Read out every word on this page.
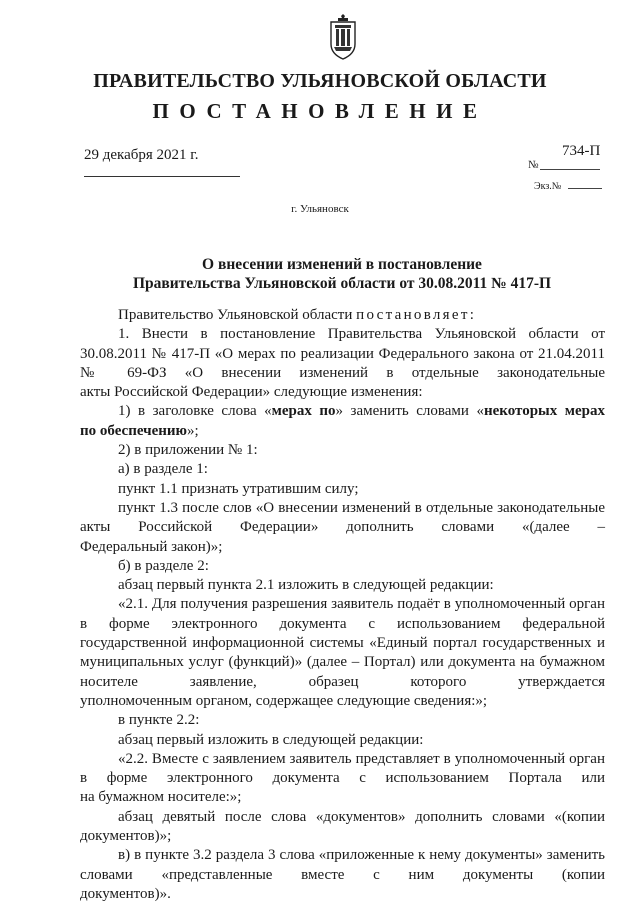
ПРАВИТЕЛЬСТВО УЛЬЯНОВСКОЙ ОБЛАСТИ
ПОСТАНОВЛЕНИЕ
29 декабря 2021 г.
№
734-П
Экз.№
г. Ульяновск
О внесении изменений в постановление
Правительства Ульяновской области от 30.08.2011 № 417-П

Правительство Ульяновской области постановляет:

1. Внести в постановление Правительства Ульяновской области от 30.08.2011 № 417-П «О мерах по реализации Федерального закона от 21.04.2011 № 69-ФЗ «О внесении изменений в отдельные законодательные

акты Российской Федерации» следующие изменения:

1) в заголовке слова «мерах по» заменить словами «некоторых мерах

по обеспечению»;

2) в приложении № 1:

а) в разделе 1:

пункт 1.1 признать утратившим силу;

пункт 1.3 после слов «О внесении изменений в отдельные законодательные акты Российской Федерации» дополнить словами «(далее –

Федеральный закон)»;

б) в разделе 2:

абзац первый пункта 2.1 изложить в следующей редакции:

«2.1. Для получения разрешения заявитель подаёт в уполномоченный орган в форме электронного документа с использованием федеральной государственной информационной системы «Единый портал государственных и муниципальных услуг (функций)» (далее – Портал) или документа на бумажном носителе заявление, образец которого утверждается

уполномоченным органом, содержащее следующие сведения:»;

в пункте 2.2:

абзац первый изложить в следующей редакции:

«2.2. Вместе с заявлением заявитель представляет в уполномоченный орган в форме электронного документа с использованием Портала или

на бумажном носителе:»;

абзац девятый после слова «документов» дополнить словами «(копии

документов)»;

в) в пункте 3.2 раздела 3 слова «приложенные к нему документы» заменить словами «представленные вместе с ним документы (копии

документов)».
